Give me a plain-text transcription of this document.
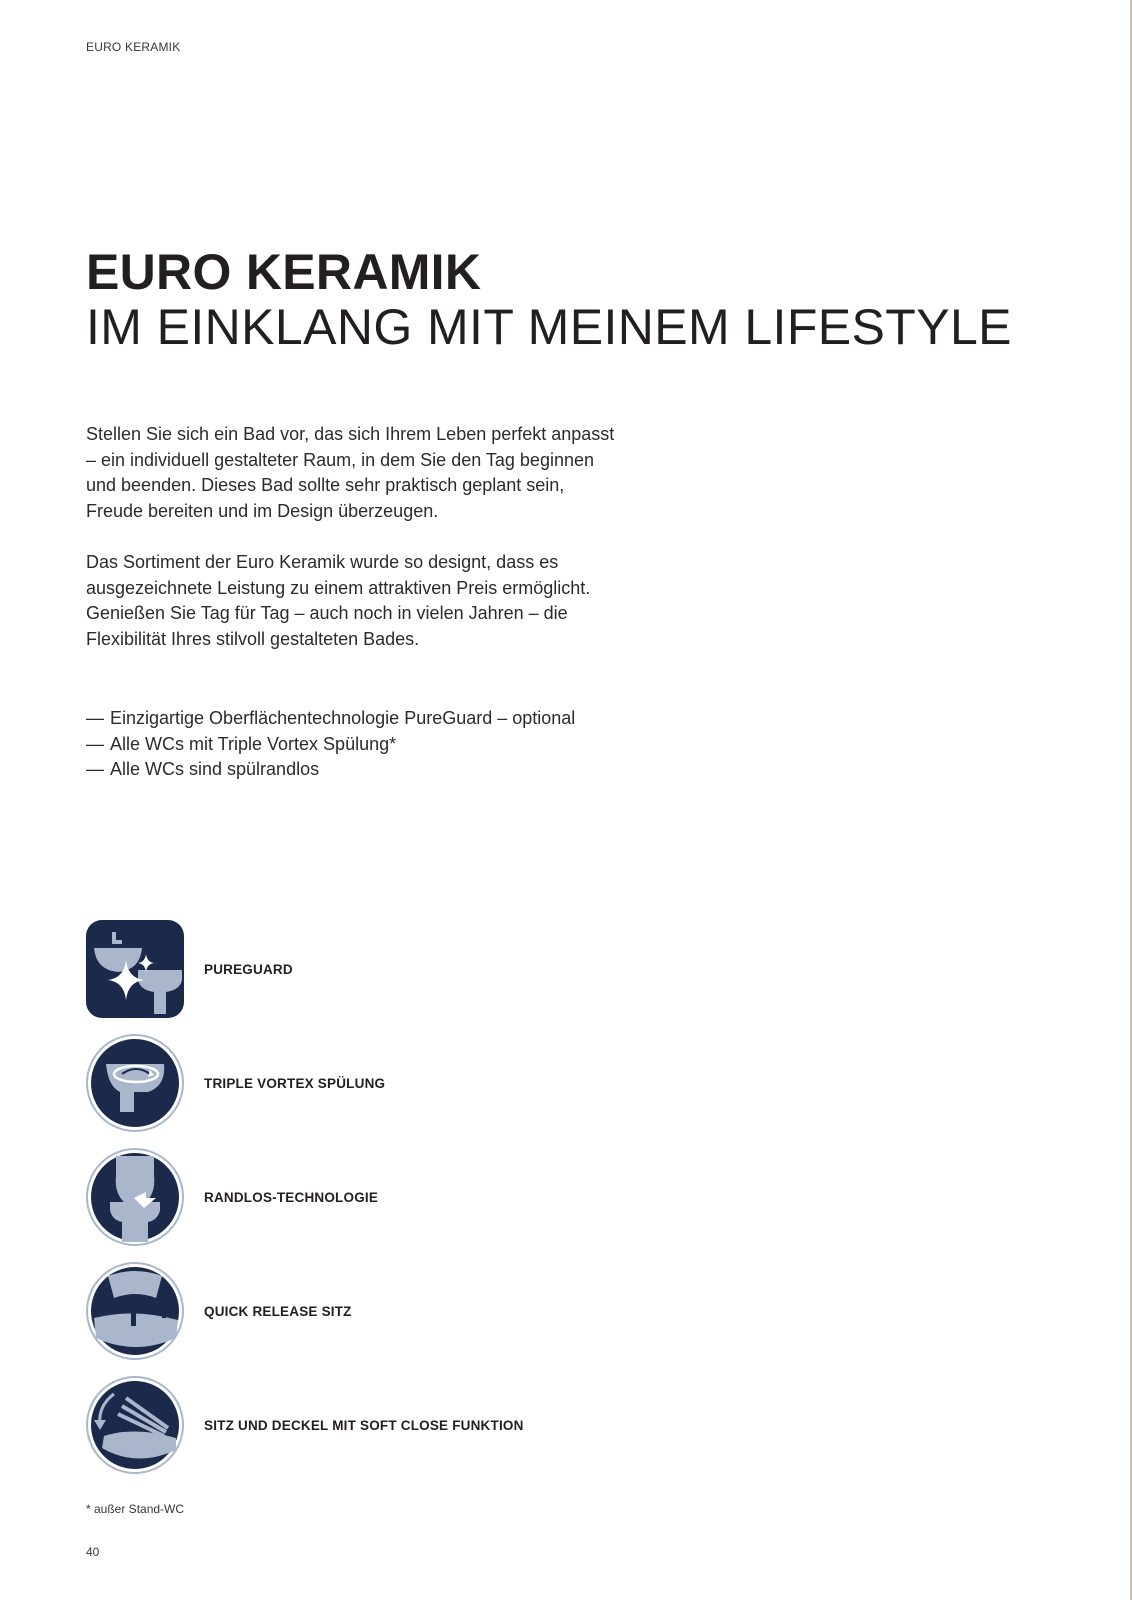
EURO KERAMIK
EURO KERAMIK
IM EINKLANG MIT MEINEM LIFESTYLE

Stellen Sie sich ein Bad vor, das sich Ihrem Leben perfekt anpasst – ein individuell gestalteter Raum, in dem Sie den Tag beginnen und beenden. Dieses Bad sollte sehr praktisch geplant sein, Freude bereiten und im Design überzeugen.

Das Sortiment der Euro Keramik wurde so designt, dass es ausgezeichnete Leistung zu einem attraktiven Preis ermöglicht. Genießen Sie Tag für Tag – auch noch in vielen Jahren – die Flexibilität Ihres stilvoll gestalteten Bades.

— Einzigartige Oberflächentechnologie PureGuard – optional
— Alle WCs mit Triple Vortex Spülung*
— Alle WCs sind spülrandlos
PUREGUARD
TRIPLE VORTEX SPÜLUNG
RANDLOS-TECHNOLOGIE
QUICK RELEASE SITZ
SITZ UND DECKEL MIT SOFT CLOSE FUNKTION
* außer Stand-WC
40
